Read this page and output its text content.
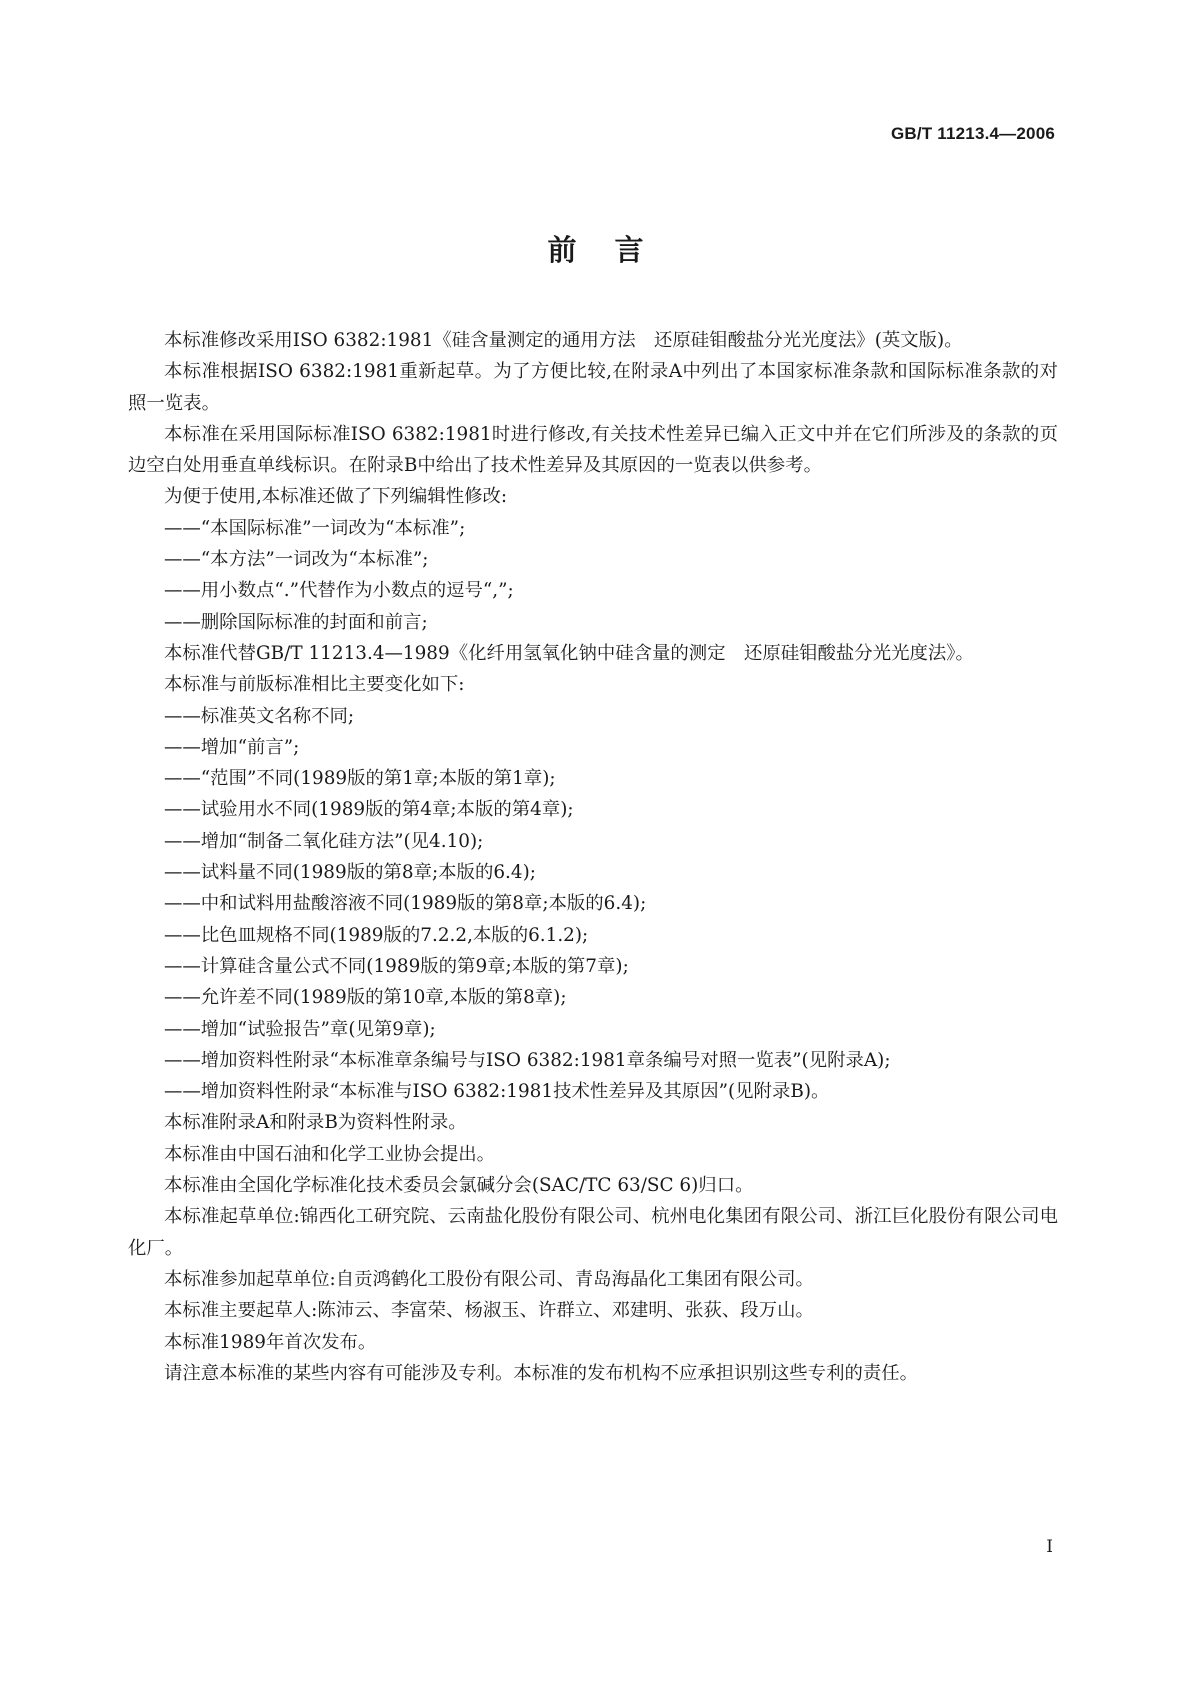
GB/T 11213.4—2006
前言

本标准修改采用ISO 6382:1981《硅含量测定的通用方法　还原硅钼酸盐分光光度法》(英文版)。

本标准根据ISO 6382:1981重新起草。为了方便比较,在附录A中列出了本国家标准条款和国际标准条款的对照一览表。

本标准在采用国际标准ISO 6382:1981时进行修改,有关技术性差异已编入正文中并在它们所涉及的条款的页边空白处用垂直单线标识。在附录B中给出了技术性差异及其原因的一览表以供参考。

为便于使用,本标准还做了下列编辑性修改:

——“本国际标准”一词改为“本标准”;

——“本方法”一词改为“本标准”;

——用小数点“.”代替作为小数点的逗号“,”;

——删除国际标准的封面和前言;

本标准代替GB/T 11213.4—1989《化纤用氢氧化钠中硅含量的测定　还原硅钼酸盐分光光度法》。

本标准与前版标准相比主要变化如下:

——标准英文名称不同;

——增加“前言”;

——“范围”不同(1989版的第1章;本版的第1章);

——试验用水不同(1989版的第4章;本版的第4章);

——增加“制备二氧化硅方法”(见4.10);

——试料量不同(1989版的第8章;本版的6.4);

——中和试料用盐酸溶液不同(1989版的第8章;本版的6.4);

——比色皿规格不同(1989版的7.2.2,本版的6.1.2);

——计算硅含量公式不同(1989版的第9章;本版的第7章);

——允许差不同(1989版的第10章,本版的第8章);

——增加“试验报告”章(见第9章);

——增加资料性附录“本标准章条编号与ISO 6382:1981章条编号对照一览表”(见附录A);

——增加资料性附录“本标准与ISO 6382:1981技术性差异及其原因”(见附录B)。

本标准附录A和附录B为资料性附录。

本标准由中国石油和化学工业协会提出。

本标准由全国化学标准化技术委员会氯碱分会(SAC/TC 63/SC 6)归口。

本标准起草单位:锦西化工研究院、云南盐化股份有限公司、杭州电化集团有限公司、浙江巨化股份有限公司电化厂。

本标准参加起草单位:自贡鸿鹤化工股份有限公司、青岛海晶化工集团有限公司。

本标准主要起草人:陈沛云、李富荣、杨淑玉、许群立、邓建明、张荻、段万山。

本标准1989年首次发布。

请注意本标准的某些内容有可能涉及专利。本标准的发布机构不应承担识别这些专利的责任。

I
